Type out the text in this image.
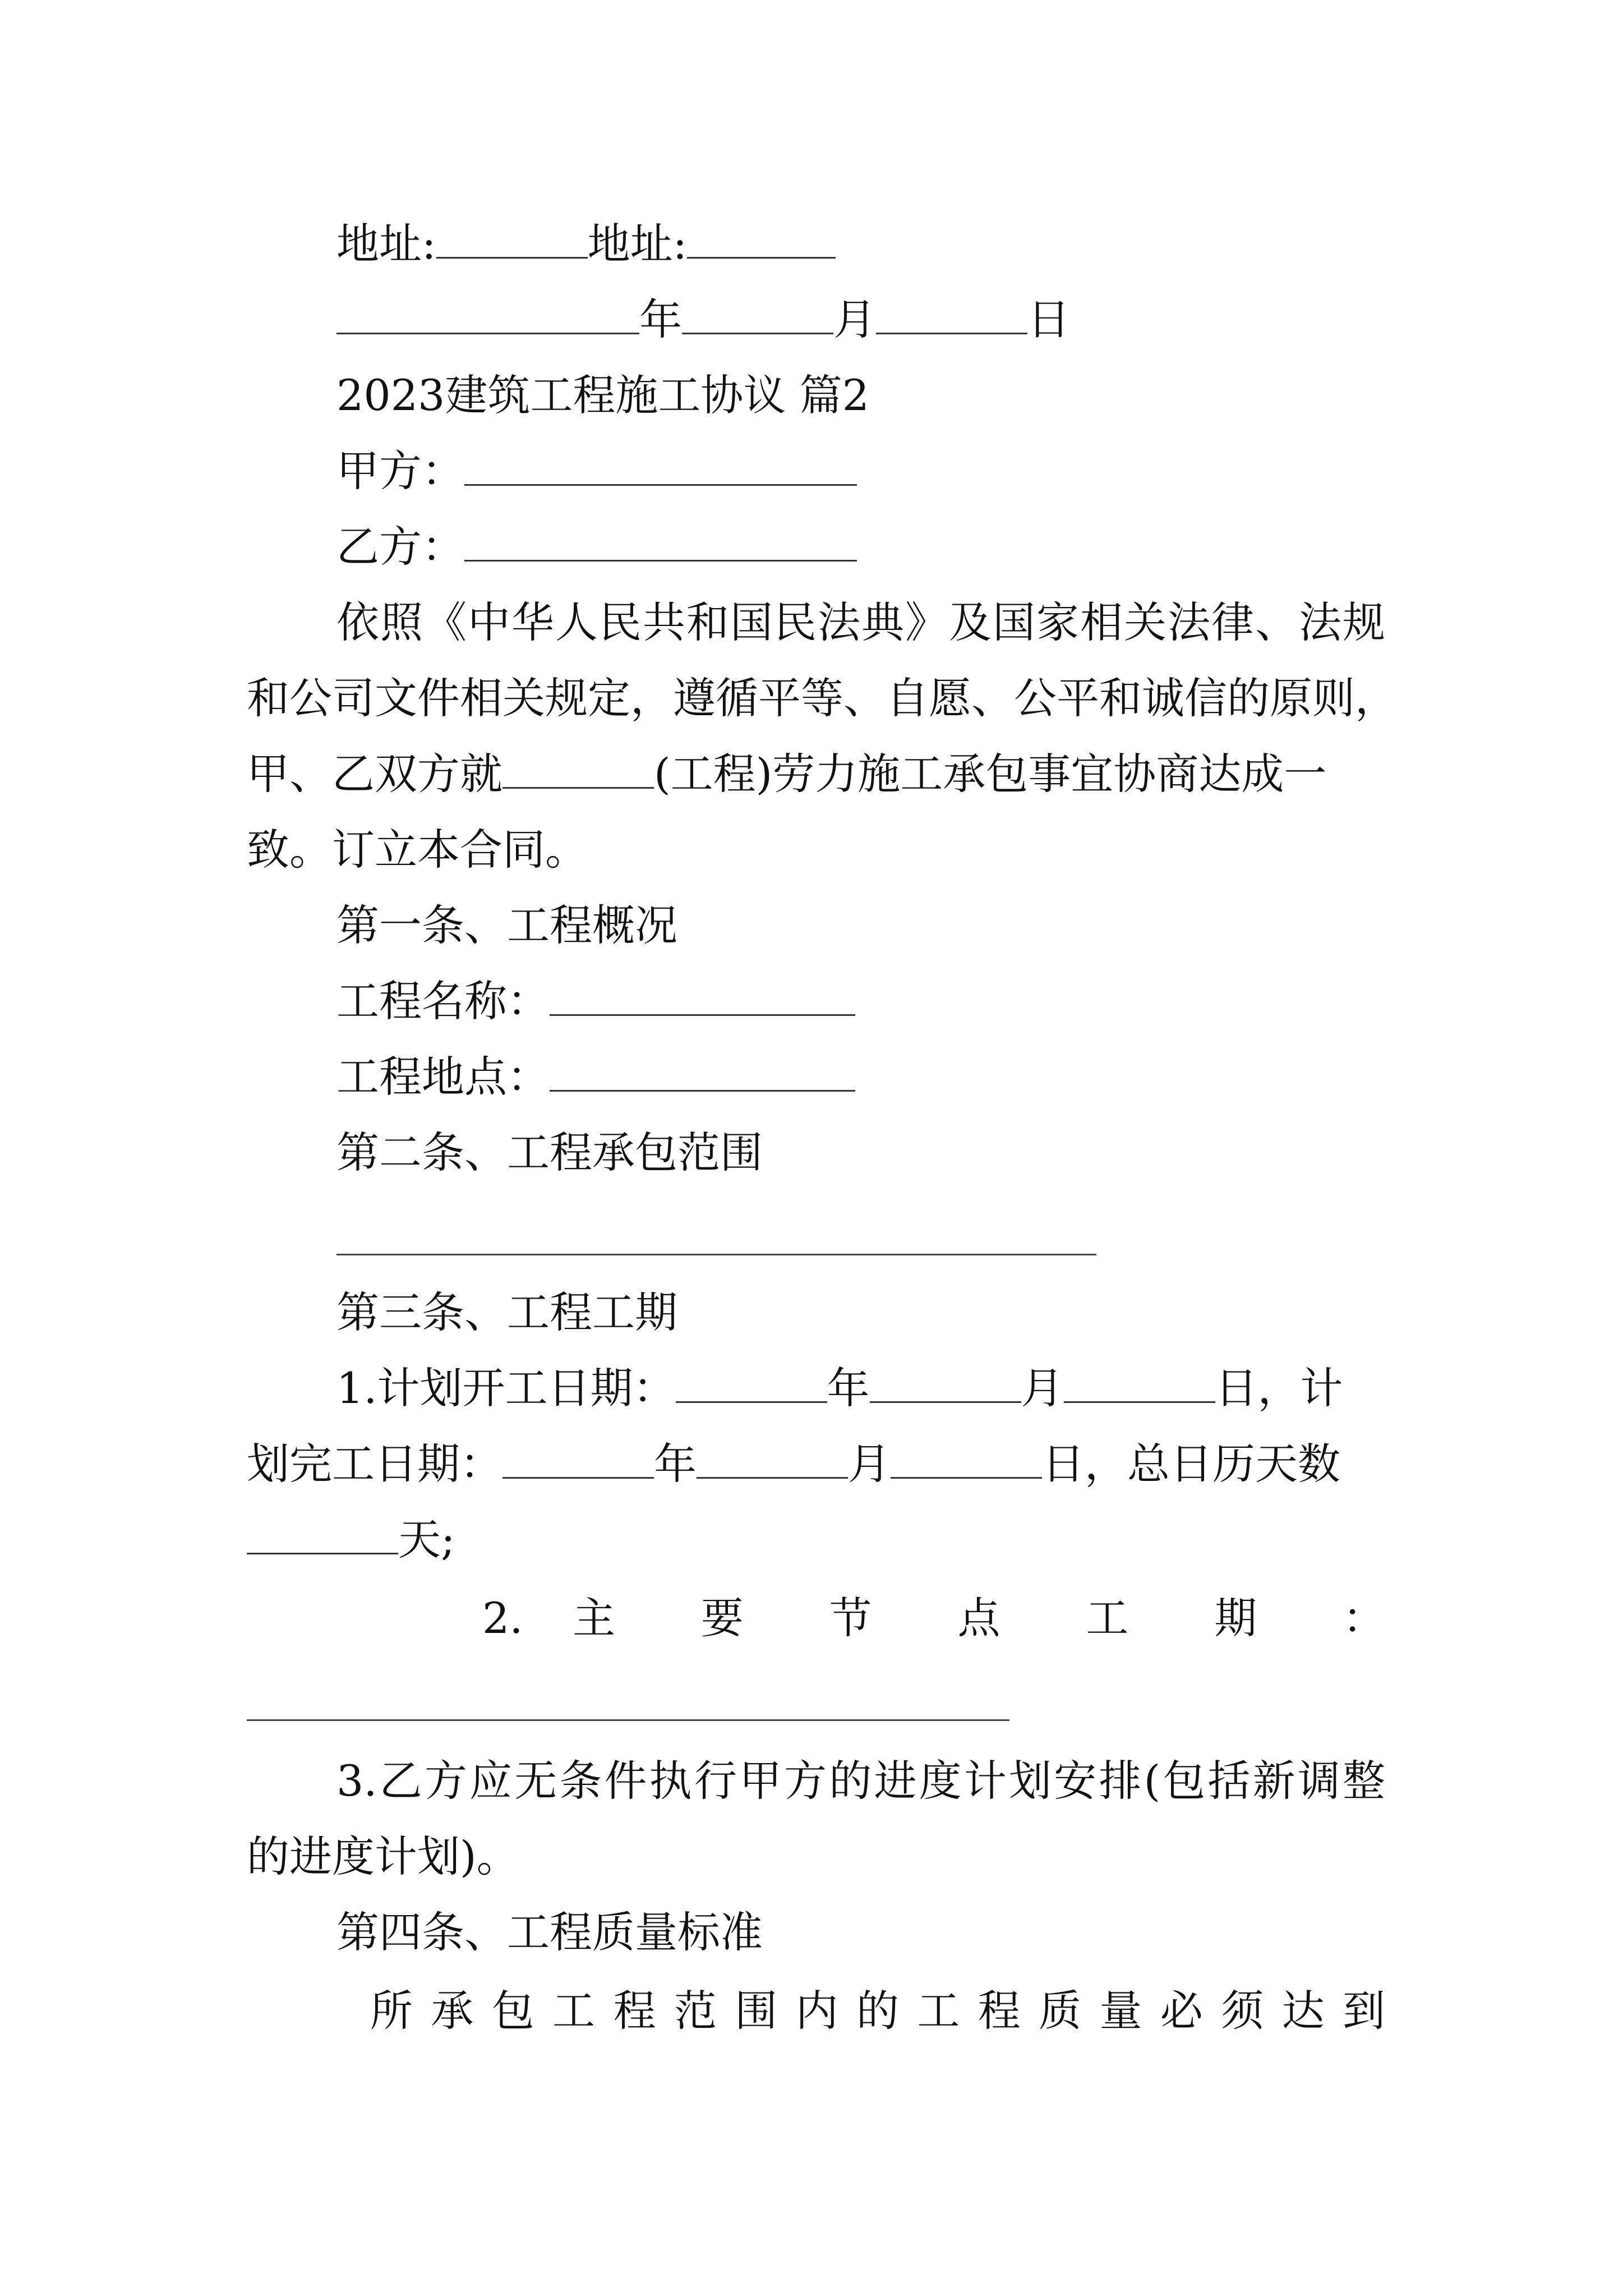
地址:	地址:
年	月	日
2023建筑工程施工协议 篇2
甲方：
乙方：
依照《中华人民共和国民法典》及国家相关法律、法规
和公司文件相关规定，遵循平等、自愿、公平和诚信的原则，
甲、乙双方就	(工程)劳力施工承包事宜协商达成一
致。订立本合同。
第一条、工程概况
工程名称：
工程地点：
第二条、工程承包范围
第三条、工程工期
1.计划开工日期：	年	月	日，计
划完工日期：	年	月	日，总日历天数
天;
2. 主 要 节 点 工 期 ：
3.乙方应无条件执行甲方的进度计划安排(包括新调整
的进度计划)。
第四条、工程质量标准
所承包工程范围内的工程质量必须达到
